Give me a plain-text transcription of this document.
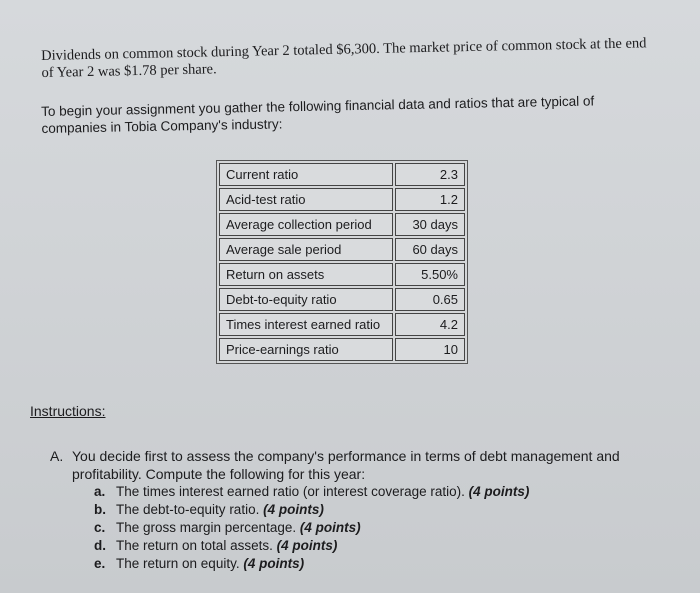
Dividends on common stock during Year 2 totaled $6,300. The market price of common stock at the end
of Year 2 was $1.78 per share.

To begin your assignment you gather the following financial data and ratios that are typical of
companies in Tobia Company's industry:

Current ratio	2.3
Acid-test ratio	1.2
Average collection period	30 days
Average sale period	60 days
Return on assets	5.50%
Debt-to-equity ratio	0.65
Times interest earned ratio	4.2
Price-earnings ratio	10

Instructions:

A. You decide first to assess the company's performance in terms of debt management and
profitability. Compute the following for this year:

a. The times interest earned ratio (or interest coverage ratio). (4 points)
b. The debt-to-equity ratio. (4 points)
c. The gross margin percentage. (4 points)
d. The return on total assets. (4 points)
e. The return on equity. (4 points)
